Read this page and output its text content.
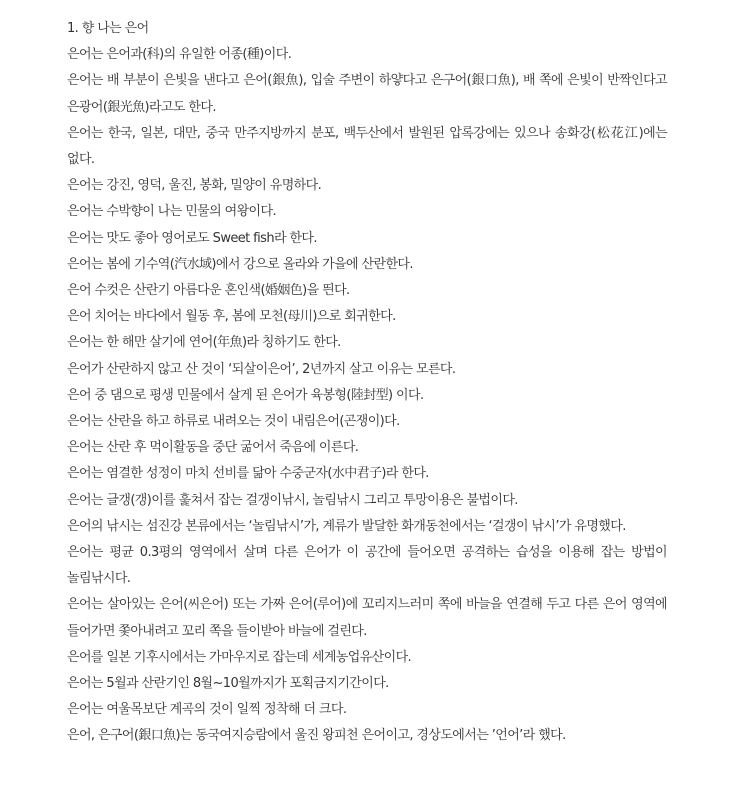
1. 향 나는 은어

은어는 은어과(科)의 유일한 어종(種)이다.

은어는 배 부분이 은빛을 낸다고 은어(銀魚), 입술 주변이 하얗다고 은구어(銀口魚), 배 쪽에 은빛이 반짝인다고 은광어(銀光魚)라고도 한다.

은어는 한국, 일본, 대만, 중국 만주지방까지 분포, 백두산에서 발원된 압록강에는 있으나 송화강(松花江)에는 없다.

은어는 강진, 영덕, 울진, 봉화, 밀양이 유명하다.

은어는 수박향이 나는 민물의 여왕이다.

은어는 맛도 좋아 영어로도 Sweet fish라 한다.

은어는 봄에 기수역(汽水域)에서 강으로 올라와 가을에 산란한다.

은어 수컷은 산란기 아름다운 혼인색(婚姻色)을 띈다.

은어 치어는 바다에서 월동 후, 봄에 모천(母川)으로 회귀한다.

은어는 한 해만 살기에 연어(年魚)라 칭하기도 한다.

은어가 산란하지 않고 산 것이 ‘되살이은어’, 2년까지 살고 이유는 모른다.

은어 중 댐으로 평생 민물에서 살게 된 은어가 육봉형(陸封型) 이다.

은어는 산란을 하고 하류로 내려오는 것이 내림은어(곤쟁이)다.

은어는 산란 후 먹이활동을 중단 굶어서 죽음에 이른다.

은어는 염결한 성정이 마치 선비를 닮아 수중군자(水中君子)라 한다.

은어는 글갱(갱)이를 훑쳐서 잡는 걸갱이낚시, 놀림낚시 그리고 투망이용은 불법이다.

은어의 낚시는 섬진강 본류에서는 ‘놀림낚시’가, 계류가 발달한 화개동천에서는 ‘걸갱이 낚시’가 유명했다.

은어는 평균 0.3평의 영역에서 살며 다른 은어가 이 공간에 들어오면 공격하는 습성을 이용해 잡는 방법이 놀림낚시다.

은어는 살아있는 은어(씨은어) 또는 가짜 은어(루어)에 꼬리지느러미 쪽에 바늘을 연결해 두고 다른 은어 영역에 들어가면 쫓아내려고 꼬리 쪽을 들이받아 바늘에 걸린다.

은어를 일본 기후시에서는 가마우지로 잡는데 세계농업유산이다.

은어는 5월과 산란기인 8월~10월까지가 포획금지기간이다.

은어는 여울목보단 계곡의 것이 일찍 정착해 더 크다.

은어, 은구어(銀口魚)는 동국여지승람에서 울진 왕피천 은어이고, 경상도에서는 ’언어’라 했다.
